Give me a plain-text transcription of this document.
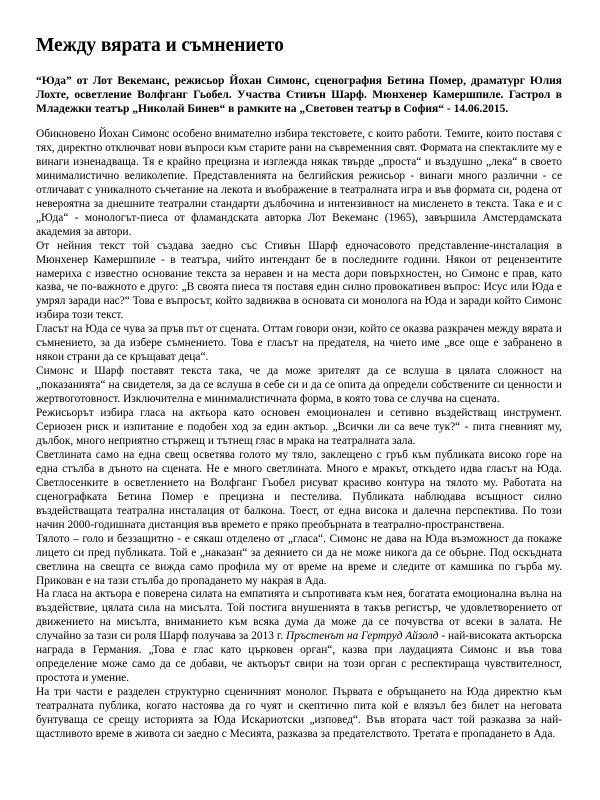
Между вярата и съмнението

“Юда” от Лот Векеманс, режисьор Йохан Симонс, сценография Бетина Помер, драматург Юлия Лохте, осветление Волфганг Гьобел. Участва Стивън Шарф. Мюнхенер Камершпиле. Гастрол в Младежки театър „Николай Бинев“ в рамките на „Световен театър в София“ - 14.06.2015.

Обикновено Йохан Симонс особено внимателно избира текстовете, с които работи. Темите, които поставя с тях, директно отключват нови въпроси към старите рани на съвременния свят. Формата на спектаклите му е винаги изненадваща. Тя е крайно прецизна и изглежда някак твърде „проста“ и въздушно „лека“ в своето минималистично великолепие. Представленията на белгийския режисьор - винаги много различни - се отличават с уникалното съчетание на лекота и въображение в театралната игра и във формата си, родена от невероятна за днешните театрални стандарти дълбочина и интензивност на мисленето в текста. Така е и с „Юда“ - монологът-пиеса от фламандската авторка Лот Векеманс (1965), завършила Амстердамската академия за автори.

От нейния текст той създава заедно със Стивън Шарф едночасовото представление-инсталация в Мюнхенер Камершпиле - в театъра, чийто интендант бе в последните години. Някои от рецензентите намериха с известно основание текста за неравен и на места дори повърхностен, но Симонс е прав, като казва, че по-важното е друго: „В своята пиеса тя поставя един силно провокативен въпрос: Исус или Юда е умрял заради нас?“ Това е въпросът, който задвижва в основата си монолога на Юда и заради който Симонс избира този текст.

Гласът на Юда се чува за пръв път от сцената. Оттам говори онзи, който се оказва разкрачен между вярата и съмнението, за да избере съмнението. Това е гласът на предателя, на чието име „все още е забранено в някои страни да се кръщават деца“.

Симонс и Шарф поставят текста така, че да може зрителят да се вслуша в цялата сложност на „показанията“ на свидетеля, за да се вслуша в себе си и да се опита да определи собствените си ценности и жертвоготовност. Изключителна е минималистичната форма, в която това се случва на сцената.

Режисьорът избира гласа на актьора като основен емоционален и сетивно въздействащ инструмент. Сериозен риск и изпитание е подобен ход за един актьор. „Всички ли са вече тук?“ - пита гневният му, дълбок, много неприятно стържещ и тътнещ глас в мрака на театралната зала.

Светлината само на една свещ осветява голото му тяло, заклещено с гръб към публиката високо горе на една стълба в дъното на сцената. Не е много светлината. Много е мракът, откъдето идва гласът на Юда. Светлосенките в осветлението на Волфганг Гьобел рисуват красиво контура на тялото му. Работата на сценографката Бетина Помер е прецизна и пестелива. Публиката наблюдава всъщност силно въздействащата театрална инсталация от балкона. Тоест, от една висока и далечна перспектива. По този начин 2000-годишната дистанция във времето е пряко преобърната в театрално-пространствена.

Тялото – голо и беззащитно - е сякаш отделено от „гласа“. Симонс не дава на Юда възможност да покаже лицето си пред публиката. Той е „наказан“ за деянието си да не може никога да се обърне. Под оскъдната светлина на свещта се вижда само профила му от време на време и следите от камшика по гърба му. Прикован е на тази стълба до пропадането му накрая в Ада.

На гласа на актьора е поверена силата на емпатията и съпротивата към нея, богатата емоционална вълна на въздействие, цялата сила на мисълта. Той постига внушенията в такъв регистър, че удовлетворението от движението на мисълта, вниманието към всяка дума да може да се почувства от всеки в залата. Не случайно за тази си роля Шарф получава за 2013 г. Пръстенът на Гертруд Айзолд - най-високата актьорска награда в Германия. „Това е глас като църковен орган“, казва при лаудацията Симонс и във това определение може само да се добави, че актьорът свири на този орган с респектираща чувствителност, простота и умение.

На три части е разделен структурно сценичният монолог. Първата е обръщането на Юда директно към театралната публика, когато настоява да го чуят и скептично пита кой е влязъл без билет на неговата бунтуваща се срещу историята за Юда Искариотски „изповед“. Във втората част той разказва за най-щастливото време в живота си заедно с Месията, разказва за предателството. Третата е пропадането в Ада.
